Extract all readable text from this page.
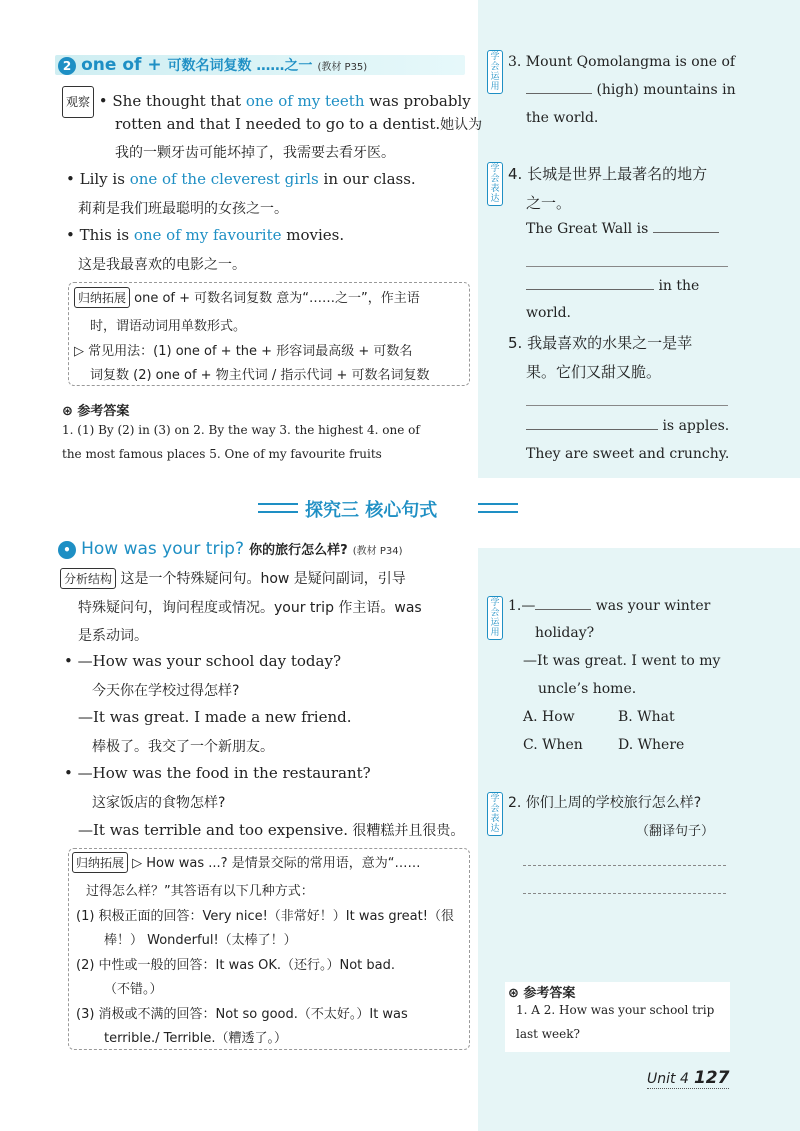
2 one of + 可数名词复数 ……之一 (教材 P35)
观察 • She thought that one of my teeth was probably
rotten and that I needed to go to a dentist.她认为
我的一颗牙齿可能坏掉了，我需要去看牙医。
• Lily is one of the cleverest girls in our class.
莉莉是我们班最聪明的女孩之一。
• This is one of my favourite movies.
这是我最喜欢的电影之一。
归纳拓展 one of + 可数名词复数 意为“……之一”，作主语
时，谓语动词用单数形式。
▷ 常见用法：(1) one of + the + 形容词最高级 + 可数名
词复数 (2) one of + 物主代词 / 指示代词 + 可数名词复数
⊛ 参考答案
1. (1) By (2) in (3) on 2. By the way 3. the highest 4. one of
the most famous places 5. One of my favourite fruits
学会运用
3. Mount Qomolangma is one of
(high) mountains in
the world.
学会表达
4. 长城是世界上最著名的地方
之一。
The Great Wall is
in the
world.
5. 我最喜欢的水果之一是苹
果。它们又甜又脆。
is apples.
They are sweet and crunchy.
探究三 核心句式
• How was your trip? 你的旅行怎么样? (教材 P34)
分析结构 这是一个特殊疑问句。how 是疑问副词，引导
特殊疑问句，询问程度或情况。your trip 作主语。was
是系动词。
• —How was your school day today?
今天你在学校过得怎样?
—It was great. I made a new friend.
棒极了。我交了一个新朋友。
• —How was the food in the restaurant?
这家饭店的食物怎样?
—It was terrible and too expensive. 很糟糕并且很贵。
归纳拓展 ▷ How was ...? 是情景交际的常用语，意为“……
过得怎么样？”其答语有以下几种方式：
(1) 积极正面的回答：Very nice!（非常好！）It was great!（很
棒！） Wonderful!（太棒了！）
(2) 中性或一般的回答：It was OK.（还行。）Not bad.
（不错。）
(3) 消极或不满的回答：Not so good.（不太好。）It was
terrible./ Terrible.（糟透了。）
学会运用
1.—	was your winter
holiday?
—It was great. I went to my
uncle’s home.
A. How	B. What
C. When	D. Where
学会表达
2. 你们上周的学校旅行怎么样?
（翻译句子）
⊛ 参考答案
1. A 2. How was your school trip
last week?
Unit 4 127
